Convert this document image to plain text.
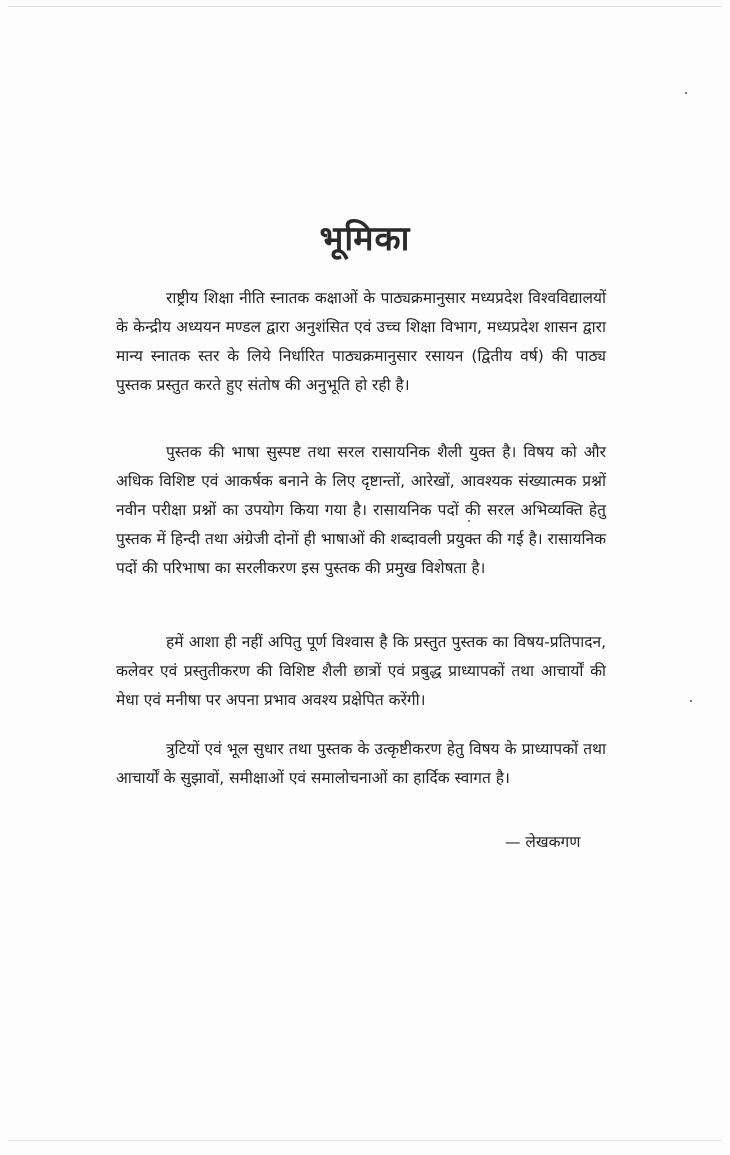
भूमिका

राष्ट्रीय शिक्षा नीति स्नातक कक्षाओं के पाठ्यक्रमानुसार मध्यप्रदेश विश्वविद्यालयों के केन्द्रीय अध्ययन मण्डल द्वारा अनुशंसित एवं उच्च शिक्षा विभाग, मध्यप्रदेश शासन द्वारा मान्य स्नातक स्तर के लिये निर्धारित पाठ्यक्रमानुसार रसायन (द्वितीय वर्ष) की पाठ्य पुस्तक प्रस्तुत करते हुए संतोष की अनुभूति हो रही है।

पुस्तक की भाषा सुस्पष्ट तथा सरल रासायनिक शैली युक्त है। विषय को और अधिक विशिष्ट एवं आकर्षक बनाने के लिए दृष्टान्तों, आरेखों, आवश्यक संख्यात्मक प्रश्नों नवीन परीक्षा प्रश्नों का उपयोग किया गया है। रासायनिक पदों की सरल अभिव्यक्ति हेतु पुस्तक में हिन्दी तथा अंग्रेजी दोनों ही भाषाओं की शब्दावली प्रयुक्त की गई है। रासायनिक पदों की परिभाषा का सरलीकरण इस पुस्तक की प्रमुख विशेषता है।

हमें आशा ही नहीं अपितु पूर्ण विश्वास है कि प्रस्तुत पुस्तक का विषय-प्रतिपादन, कलेवर एवं प्रस्तुतीकरण की विशिष्ट शैली छात्रों एवं प्रबुद्ध प्राध्यापकों तथा आचार्यों की मेधा एवं मनीषा पर अपना प्रभाव अवश्य प्रक्षेपित करेंगी।

त्रुटियों एवं भूल सुधार तथा पुस्तक के उत्कृष्टीकरण हेतु विषय के प्राध्यापकों तथा आचार्यों के सुझावों, समीक्षाओं एवं समालोचनाओं का हार्दिक स्वागत है।

— लेखकगण
